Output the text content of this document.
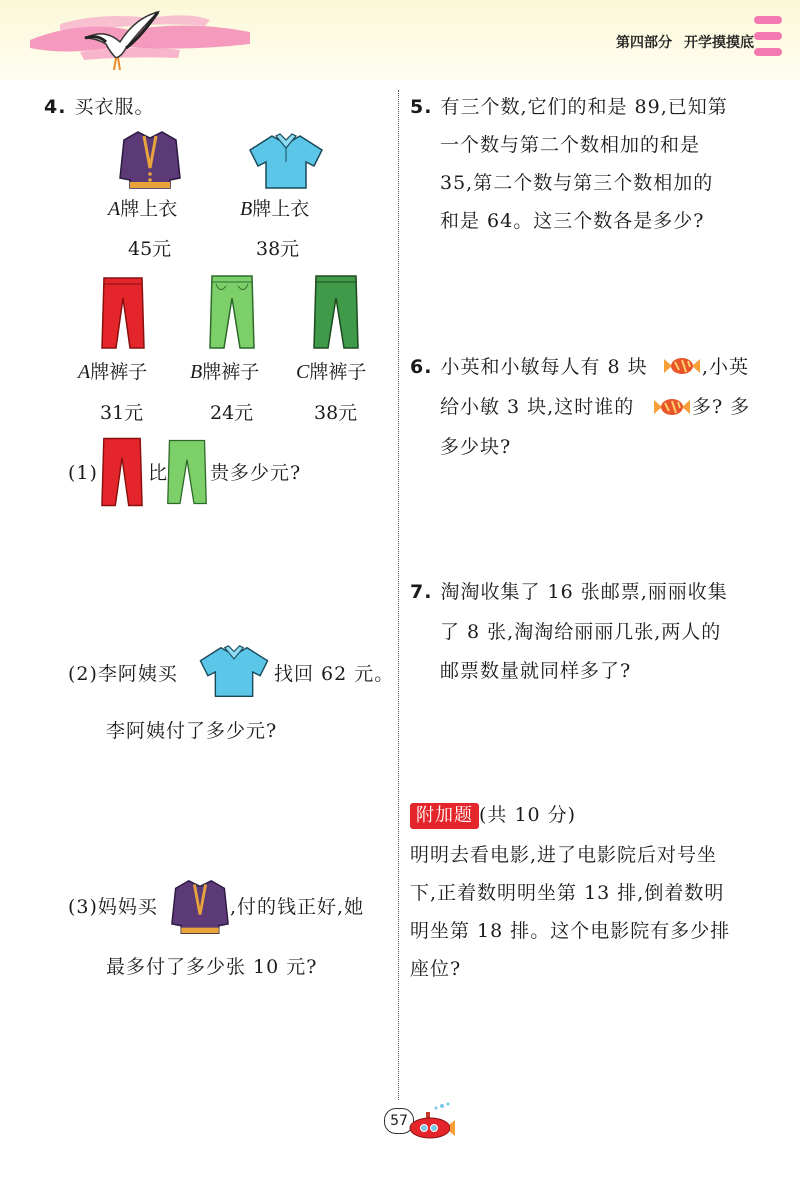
第四部分 开学摸摸底
4. 买衣服。
A牌上衣	B牌上衣
45元	38元
A牌裤子 B牌裤子 C牌裤子
31元	24元	38元
(1)	比 贵多少元?
(2)李阿姨买	找回 62 元。
李阿姨付了多少元?
(3)妈妈买	,付的钱正好,她
最多付了多少张 10 元?
5. 有三个数,它们的和是 89,已知第
一个数与第二个数相加的和是
35,第二个数与第三个数相加的
和是 64。这三个数各是多少?
6. 小英和小敏每人有 8 块	,小英
给小敏 3 块,这时谁的	多? 多
多少块?
7. 淘淘收集了 16 张邮票,丽丽收集
了 8 张,淘淘给丽丽几张,两人的
邮票数量就同样多了?
附加题 (共 10 分)
明明去看电影,进了电影院后对号坐
下,正着数明明坐第 13 排,倒着数明
明坐第 18 排。这个电影院有多少排
座位?
57
